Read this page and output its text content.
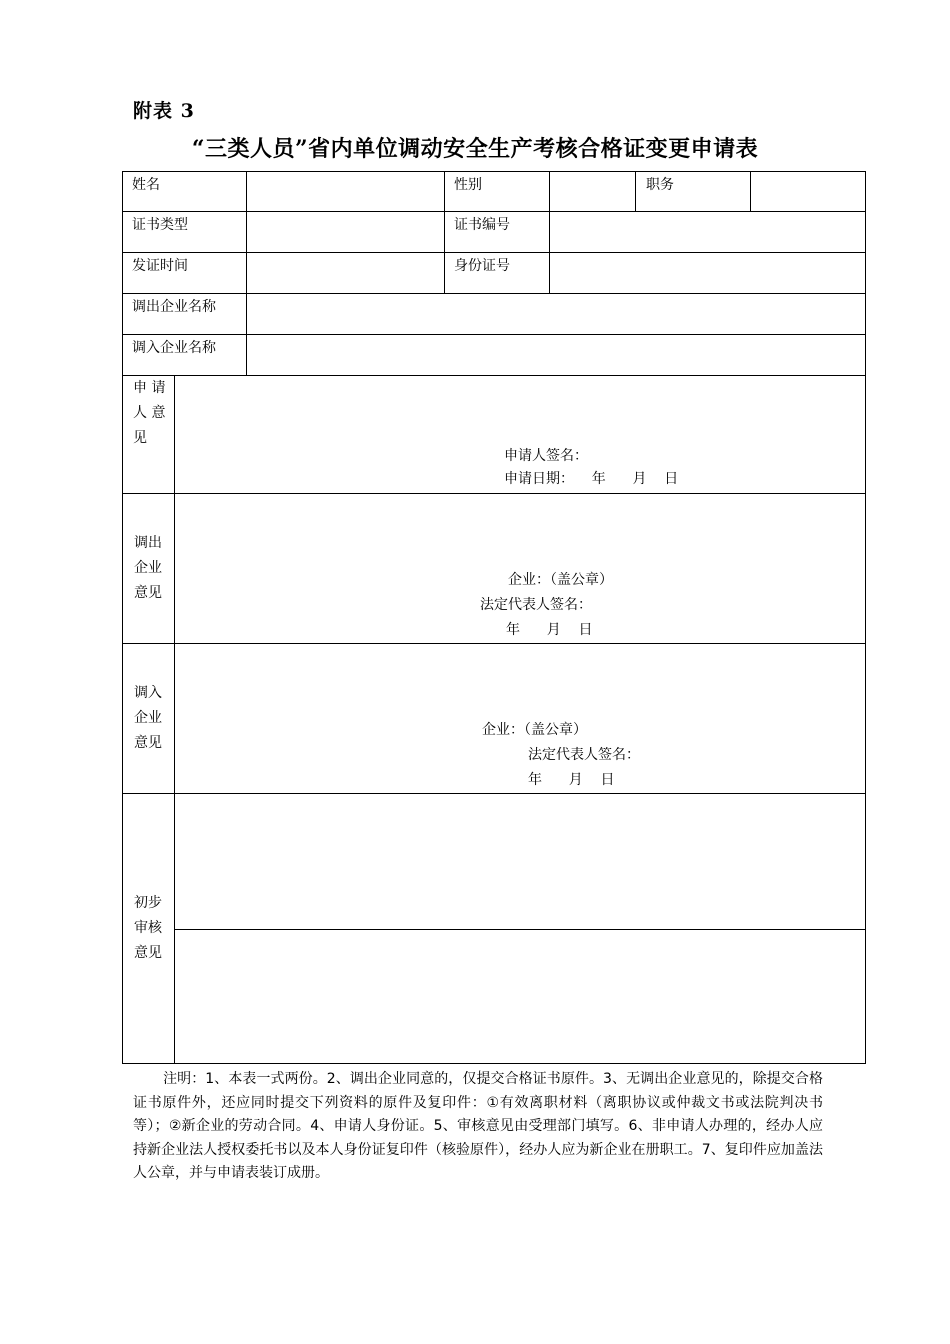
附表 3
“三类人员”省内单位调动安全生产考核合格证变更申请表
姓名	性别	职务
证书类型	证书编号
发证时间	身份证号
调出企业名称
调入企业名称
申 请
人 意
见
申请人签名：
申请日期：    年      月    日
调出
企业
意见
企业：（盖公章）
法定代表人签名：
年      月    日
调入
企业
意见
企业：（盖公章）
法定代表人签名：
年      月    日
初步
审核
意见
注明：1、本表一式两份。2、调出企业同意的，仅提交合格证书原件。3、无调出企业意见的，除提交合格证书原件外，还应同时提交下列资料的原件及复印件：①有效离职材料（离职协议或仲裁文书或法院判决书等）；②新企业的劳动合同。4、申请人身份证。5、审核意见由受理部门填写。6、非申请人办理的，经办人应持新企业法人授权委托书以及本人身份证复印件（核验原件），经办人应为新企业在册职工。7、复印件应加盖法人公章，并与申请表装订成册。
